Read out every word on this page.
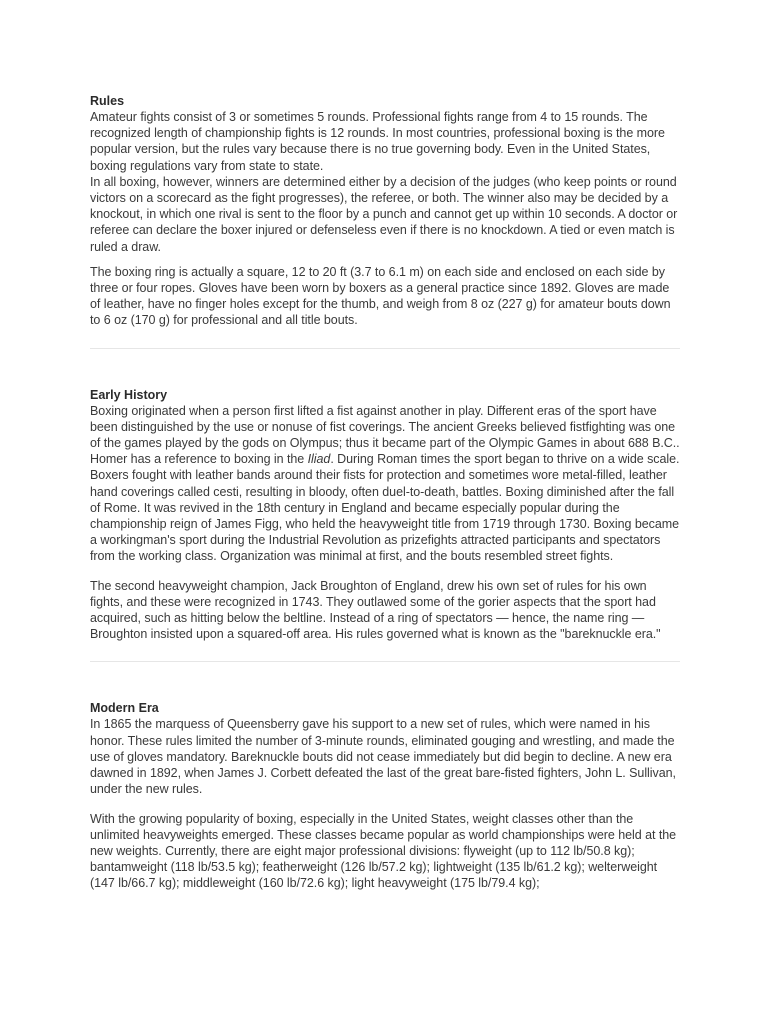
Rules

Amateur fights consist of 3 or sometimes 5 rounds. Professional fights range from 4 to 15 rounds. The recognized length of championship fights is 12 rounds. In most countries, professional boxing is the more popular version, but the rules vary because there is no true governing body. Even in the United States, boxing regulations vary from state to state.

In all boxing, however, winners are determined either by a decision of the judges (who keep points or round victors on a scorecard as the fight progresses), the referee, or both. The winner also may be decided by a knockout, in which one rival is sent to the floor by a punch and cannot get up within 10 seconds. A doctor or referee can declare the boxer injured or defenseless even if there is no knockdown. A tied or even match is ruled a draw.

The boxing ring is actually a square, 12 to 20 ft (3.7 to 6.1 m) on each side and enclosed on each side by three or four ropes. Gloves have been worn by boxers as a general practice since 1892. Gloves are made of leather, have no finger holes except for the thumb, and weigh from 8 oz (227 g) for amateur bouts down to 6 oz (170 g) for professional and all title bouts.

Early History

Boxing originated when a person first lifted a fist against another in play. Different eras of the sport have been distinguished by the use or nonuse of fist coverings. The ancient Greeks believed fistfighting was one of the games played by the gods on Olympus; thus it became part of the Olympic Games in about 688 B.C.. Homer has a reference to boxing in the Iliad. During Roman times the sport began to thrive on a wide scale. Boxers fought with leather bands around their fists for protection and sometimes wore metal-filled, leather hand coverings called cesti, resulting in bloody, often duel-to-death, battles. Boxing diminished after the fall of Rome. It was revived in the 18th century in England and became especially popular during the championship reign of James Figg, who held the heavyweight title from 1719 through 1730. Boxing became a workingman's sport during the Industrial Revolution as prizefights attracted participants and spectators from the working class. Organization was minimal at first, and the bouts resembled street fights.

The second heavyweight champion, Jack Broughton of England, drew his own set of rules for his own fights, and these were recognized in 1743. They outlawed some of the gorier aspects that the sport had acquired, such as hitting below the beltline. Instead of a ring of spectators — hence, the name ring — Broughton insisted upon a squared-off area. His rules governed what is known as the "bareknuckle era."

Modern Era

In 1865 the marquess of Queensberry gave his support to a new set of rules, which were named in his honor. These rules limited the number of 3-minute rounds, eliminated gouging and wrestling, and made the use of gloves mandatory. Bareknuckle bouts did not cease immediately but did begin to decline. A new era dawned in 1892, when James J. Corbett defeated the last of the great bare-fisted fighters, John L. Sullivan, under the new rules.

With the growing popularity of boxing, especially in the United States, weight classes other than the unlimited heavyweights emerged. These classes became popular as world championships were held at the new weights. Currently, there are eight major professional divisions: flyweight (up to 112 lb/50.8 kg); bantamweight (118 lb/53.5 kg); featherweight (126 lb/57.2 kg); lightweight (135 lb/61.2 kg); welterweight (147 lb/66.7 kg); middleweight (160 lb/72.6 kg); light heavyweight (175 lb/79.4 kg);
